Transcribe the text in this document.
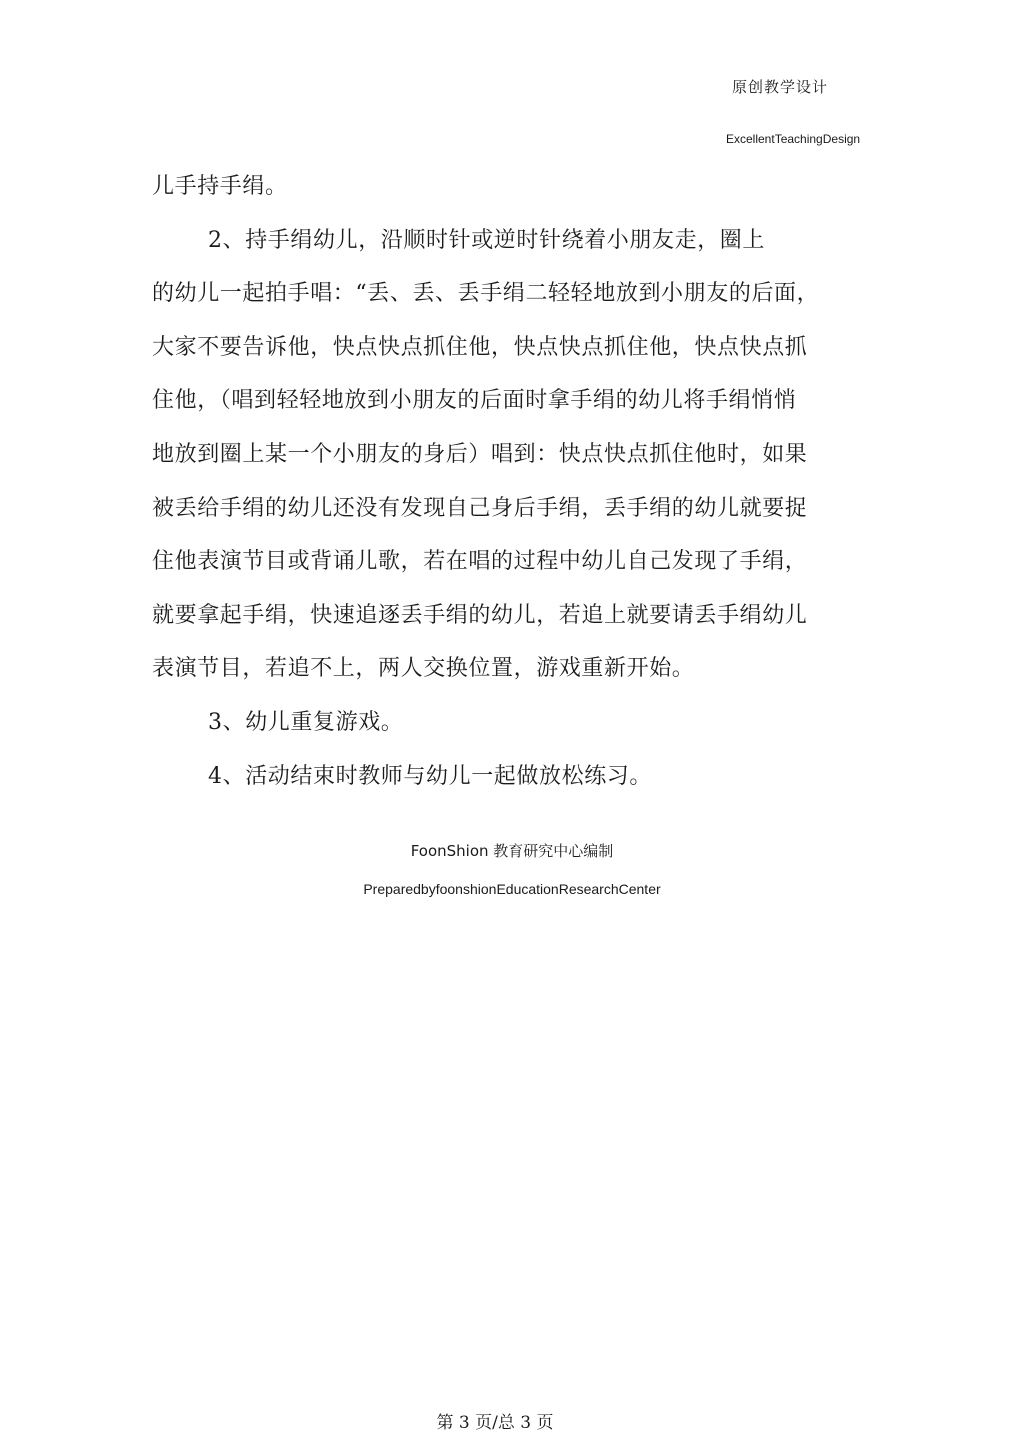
原创教学设计
ExcellentTeachingDesign
儿手持手绢。
2、持手绢幼儿，沿顺时针或逆时针绕着小朋友走，圈上
的幼儿一起拍手唱：“丢、丢、丢手绢二轻轻地放到小朋友的后面，
大家不要告诉他，快点快点抓住他，快点快点抓住他，快点快点抓
住他，（唱到轻轻地放到小朋友的后面时拿手绢的幼儿将手绢悄悄
地放到圈上某一个小朋友的身后）唱到：快点快点抓住他时，如果
被丢给手绢的幼儿还没有发现自己身后手绢，丢手绢的幼儿就要捉
住他表演节目或背诵儿歌，若在唱的过程中幼儿自己发现了手绢，
就要拿起手绢，快速追逐丢手绢的幼儿，若追上就要请丢手绢幼儿
表演节目，若追不上，两人交换位置，游戏重新开始。
3、幼儿重复游戏。
4、活动结束时教师与幼儿一起做放松练习。
FoonShion 教育研究中心编制
PreparedbyfoonshionEducationResearchCenter
第 3 页/总 3 页
